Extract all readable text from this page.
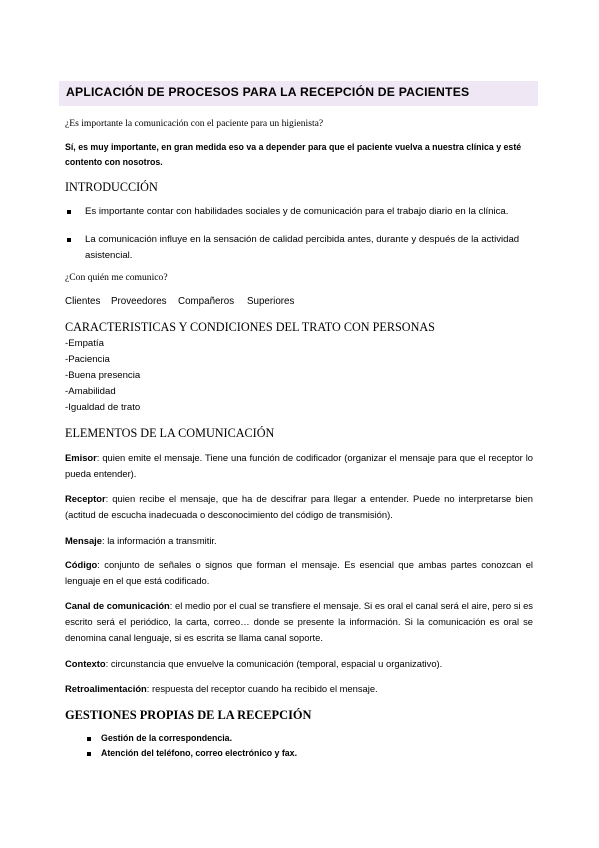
APLICACIÓN DE PROCESOS PARA LA RECEPCIÓN DE PACIENTES
¿Es importante la comunicación con el paciente para un higienista?
Sí, es muy importante, en gran medida eso va a depender para que el paciente vuelva a nuestra clínica y esté
contento con nosotros.
INTRODUCCIÓN
Es importante contar con habilidades sociales y de comunicación para el trabajo diario en la clínica.
La comunicación influye en la sensación de calidad percibida antes, durante y después de la actividad
asistencial.
¿Con quién me comunico?
Clientes Proveedores Compañeros Superiores
CARACTERISTICAS Y CONDICIONES DEL TRATO CON PERSONAS
-Empatía
-Paciencia
-Buena presencia
-Amabilidad
-Igualdad de trato
ELEMENTOS DE LA COMUNICACIÓN
Emisor: quien emite el mensaje. Tiene una función de codificador (organizar el mensaje para que el receptor lo pueda entender).
Receptor: quien recibe el mensaje, que ha de descifrar para llegar a entender. Puede no interpretarse bien (actitud de escucha inadecuada o desconocimiento del código de transmisión).
Mensaje: la información a transmitir.
Código: conjunto de señales o signos que forman el mensaje. Es esencial que ambas partes conozcan el lenguaje en el que está codificado.
Canal de comunicación: el medio por el cual se transfiere el mensaje. Si es oral el canal será el aire, pero si es escrito será el periódico, la carta, correo… donde se presente la información. Si la comunicación es oral se denomina canal lenguaje, si es escrita se llama canal soporte.
Contexto: circunstancia que envuelve la comunicación (temporal, espacial u organizativo).
Retroalimentación: respuesta del receptor cuando ha recibido el mensaje.
GESTIONES PROPIAS DE LA RECEPCIÓN
Gestión de la correspondencia.
Atención del teléfono, correo electrónico y fax.
